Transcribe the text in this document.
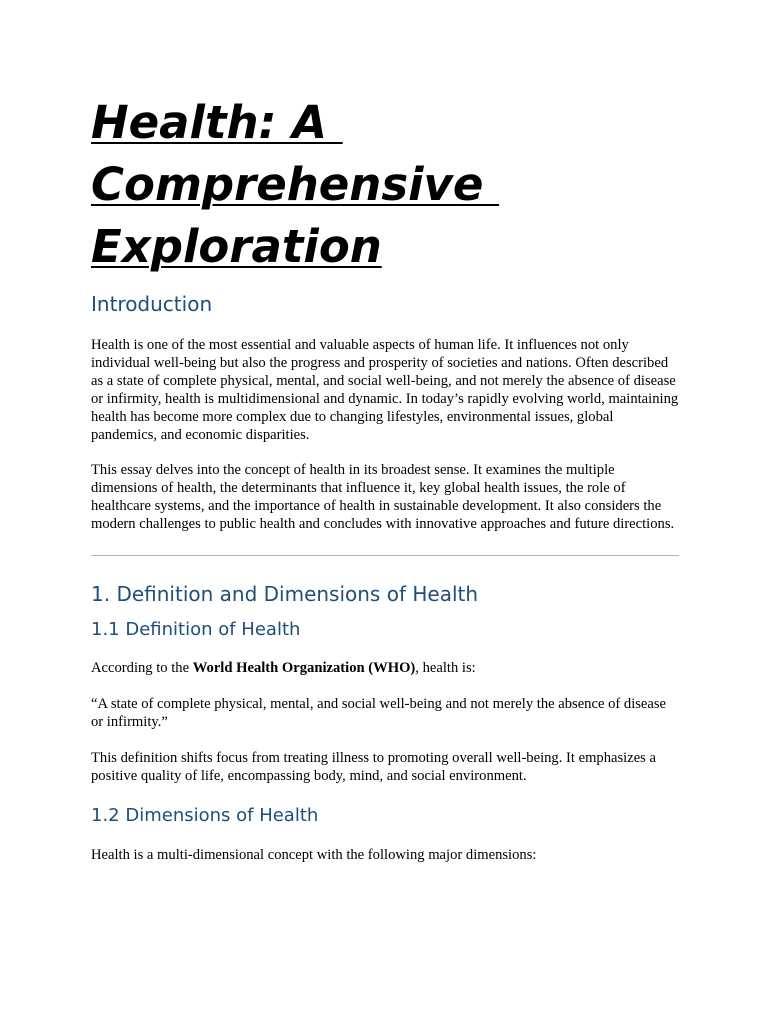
Health: A
Comprehensive
Exploration
Introduction

Health is one of the most essential and valuable aspects of human life. It influences not only individual well-being but also the progress and prosperity of societies and nations. Often described as a state of complete physical, mental, and social well-being, and not merely the absence of disease or infirmity, health is multidimensional and dynamic. In today’s rapidly evolving world, maintaining health has become more complex due to changing lifestyles, environmental issues, global pandemics, and economic disparities.

This essay delves into the concept of health in its broadest sense. It examines the multiple dimensions of health, the determinants that influence it, key global health issues, the role of healthcare systems, and the importance of health in sustainable development. It also considers the modern challenges to public health and concludes with innovative approaches and future directions.

1. Definition and Dimensions of Health
1.1 Definition of Health

According to the World Health Organization (WHO), health is:

“A state of complete physical, mental, and social well-being and not merely the absence of disease or infirmity.”

This definition shifts focus from treating illness to promoting overall well-being. It emphasizes a positive quality of life, encompassing body, mind, and social environment.

1.2 Dimensions of Health

Health is a multi-dimensional concept with the following major dimensions:
